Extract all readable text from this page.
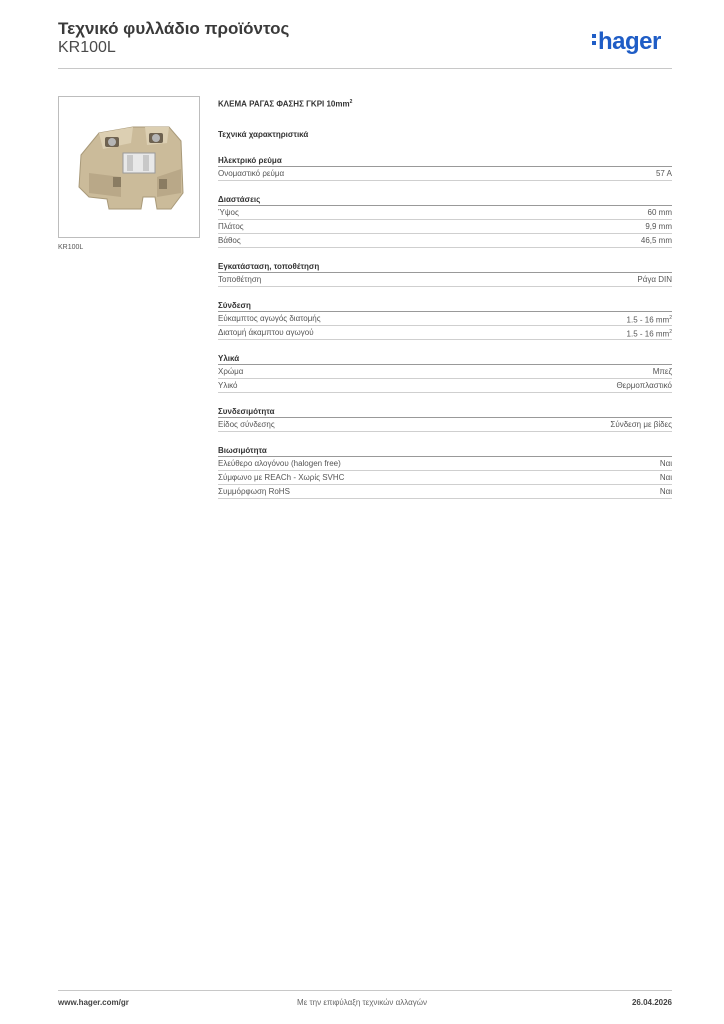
Τεχνικό φυλλάδιο προϊόντος
KR100L	hager
KR100L
ΚΛΕΜΑ ΡΑΓΑΣ ΦΑΣΗΣ ΓΚΡΙ $10mm^2$
Τεχνικά χαρακτηριστικά
Ηλεκτρικό ρεύμα
Ονομαστικό ρεύμα	57 A
Διαστάσεις
Ύψος	60 mm
Πλάτος	9,9 mm
Βάθος	46,5 mm
Εγκατάσταση, τοποθέτηση
Τοποθέτηση	Ράγα DIN
Σύνδεση
Εύκαμπτος αγωγός διατομής	1.5 - 16 $mm^2$
Διατομή άκαμπτου αγωγού	1.5 - 16 $mm^2$
Υλικά
Χρώμα	Μπεζ
Υλικό	Θερμοπλαστικό
Συνδεσιμότητα
Είδος σύνδεσης	Σύνδεση με βίδες
Βιωσιμότητα
Ελεύθερο αλογόνου (halogen free)	Ναι
Σύμφωνο με REACh - Χωρίς SVHC	Ναι
Συμμόρφωση RoHS	Ναι
www.hager.com/gr	Με την επιφύλαξη τεχνικών αλλαγών	26.04.2026
